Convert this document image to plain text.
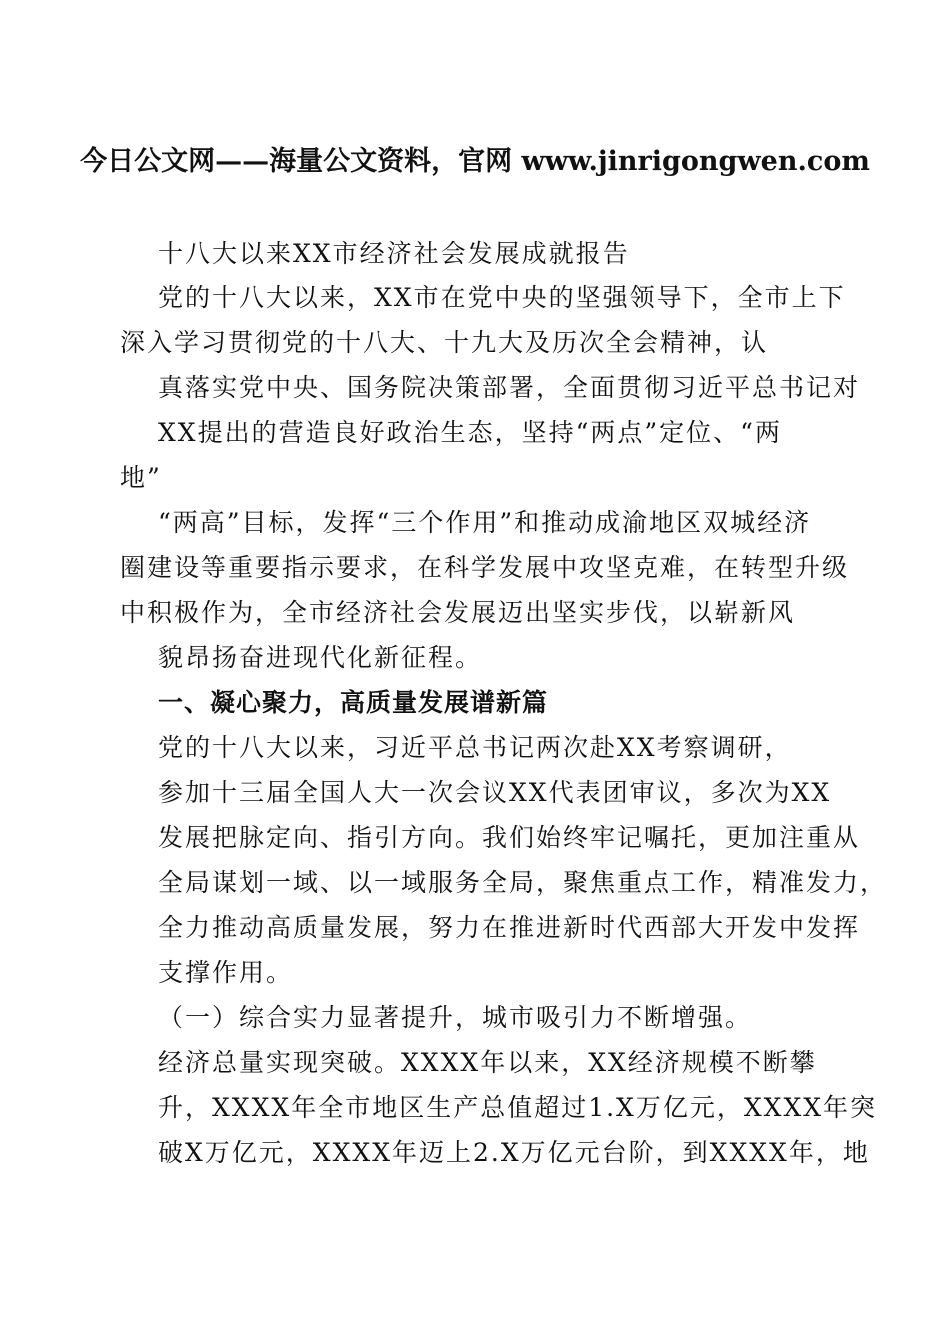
今日公文网——海量公文资料，官网 www.jinrigongwen.com
十八大以来XX市经济社会发展成就报告
党的十八大以来，XX市在党中央的坚强领导下，全市上下
深入学习贯彻党的十八大、十九大及历次全会精神，认
真落实党中央、国务院决策部署，全面贯彻习近平总书记对
XX提出的营造良好政治生态，坚持“两点”定位、“两
地”
“两高”目标，发挥“三个作用”和推动成渝地区双城经济
圈建设等重要指示要求，在科学发展中攻坚克难，在转型升级
中积极作为，全市经济社会发展迈出坚实步伐，以崭新风
貌昂扬奋进现代化新征程。
一、凝心聚力，高质量发展谱新篇
党的十八大以来，习近平总书记两次赴XX考察调研，
参加十三届全国人大一次会议XX代表团审议，多次为XX
发展把脉定向、指引方向。我们始终牢记嘱托，更加注重从
全局谋划一域、以一域服务全局，聚焦重点工作，精准发力，
全力推动高质量发展，努力在推进新时代西部大开发中发挥
支撑作用。
（一）综合实力显著提升，城市吸引力不断增强。
经济总量实现突破。XXXX年以来，XX经济规模不断攀
升，XXXX年全市地区生产总值超过1.X万亿元，XXXX年突
破X万亿元，XXXX年迈上2.X万亿元台阶，到XXXX年，地
